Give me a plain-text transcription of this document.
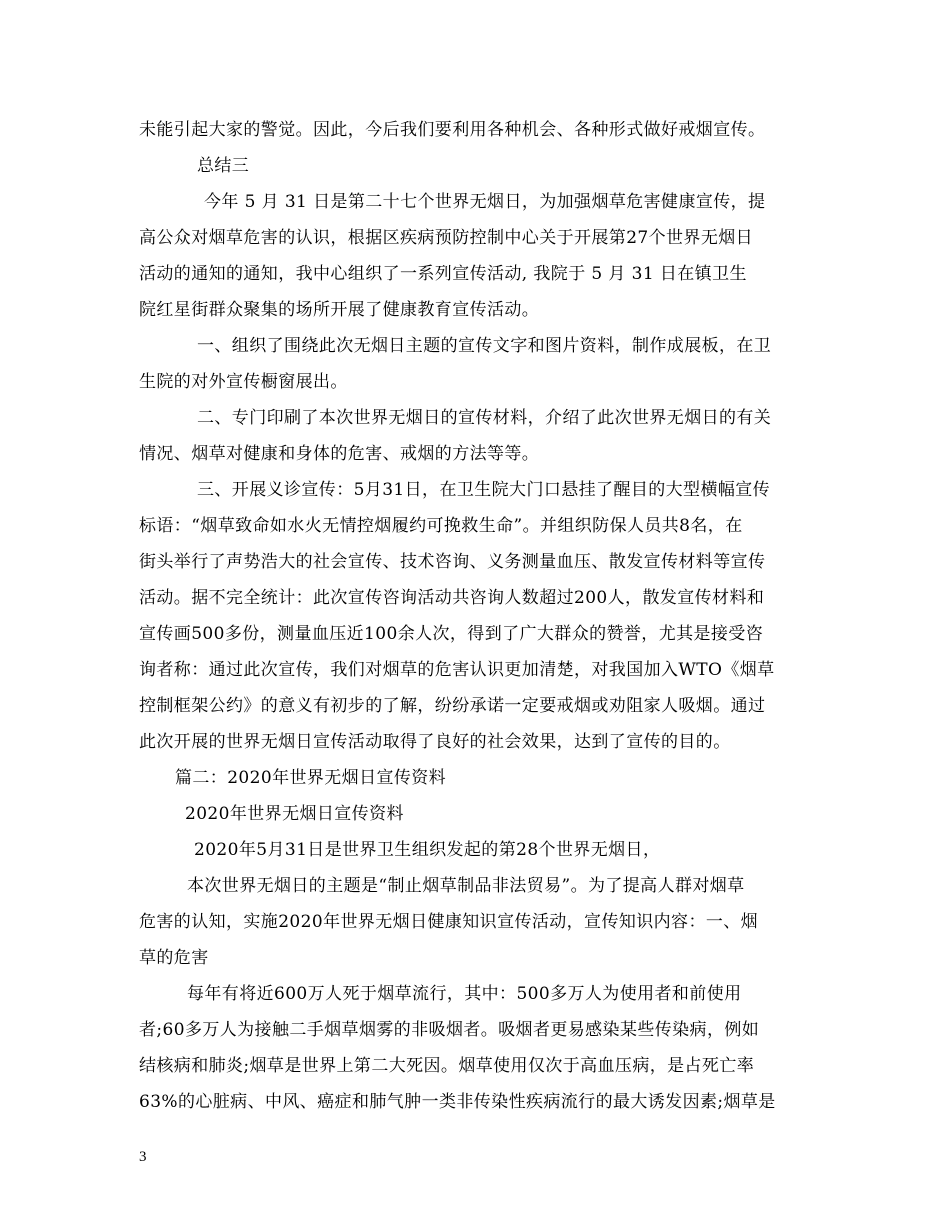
未能引起大家的警觉。因此，今后我们要利用各种机会、各种形式做好戒烟宣传。
总结三
今年 5 月 31 日是第二十七个世界无烟日，为加强烟草危害健康宣传，提
高公众对烟草危害的认识，根据区疾病预防控制中心关于开展第27个世界无烟日
活动的通知的通知，我中心组织了一系列宣传活动, 我院于 5 月 31 日在镇卫生
院红星街群众聚集的场所开展了健康教育宣传活动。
一、组织了围绕此次无烟日主题的宣传文字和图片资料，制作成展板，在卫
生院的对外宣传橱窗展出。
二、专门印刷了本次世界无烟日的宣传材料，介绍了此次世界无烟日的有关
情况、烟草对健康和身体的危害、戒烟的方法等等。
三、开展义诊宣传：5月31日，在卫生院大门口悬挂了醒目的大型横幅宣传
标语：“烟草致命如水火无情控烟履约可挽救生命”。并组织防保人员共8名，在
街头举行了声势浩大的社会宣传、技术咨询、义务测量血压、散发宣传材料等宣传
活动。据不完全统计：此次宣传咨询活动共咨询人数超过200人，散发宣传材料和
宣传画500多份，测量血压近100余人次，得到了广大群众的赞誉，尤其是接受咨
询者称：通过此次宣传，我们对烟草的危害认识更加清楚，对我国加入WTO《烟草
控制框架公约》的意义有初步的了解，纷纷承诺一定要戒烟或劝阻家人吸烟。通过
此次开展的世界无烟日宣传活动取得了良好的社会效果，达到了宣传的目的。
篇二：2020年世界无烟日宣传资料
2020年世界无烟日宣传资料
2020年5月31日是世界卫生组织发起的第28个世界无烟日，
本次世界无烟日的主题是“制止烟草制品非法贸易”。为了提高人群对烟草
危害的认知，实施2020年世界无烟日健康知识宣传活动，宣传知识内容：一、烟
草的危害
每年有将近600万人死于烟草流行，其中：500多万人为使用者和前使用
者;60多万人为接触二手烟草烟雾的非吸烟者。吸烟者更易感染某些传染病，例如
结核病和肺炎;烟草是世界上第二大死因。烟草使用仅次于高血压病，是占死亡率
63%的心脏病、中风、癌症和肺气肿一类非传染性疾病流行的最大诱发因素;烟草是
3
